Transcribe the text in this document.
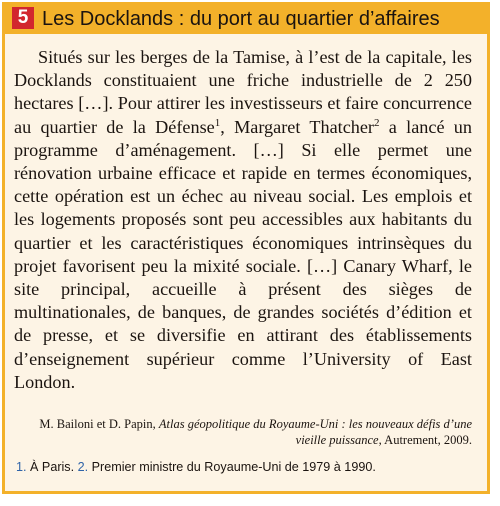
5 Les Docklands : du port au quartier d’affaires

Situés sur les berges de la Tamise, à l’est de la capitale, les Docklands constituaient une friche industrielle de 2 250 hectares […]. Pour attirer les investisseurs et faire concurrence au quartier de la Défense$^1$, Margaret Thatcher$^2$ a lancé un programme d’aménagement. […] Si elle permet une rénovation urbaine efficace et rapide en termes économiques, cette opération est un échec au niveau social. Les emplois et les logements proposés sont peu accessibles aux habitants du quartier et les caractéristiques économiques intrinsèques du projet favorisent peu la mixité sociale. […] Canary Wharf, le site principal, accueille à présent des sièges de multinationales, de banques, de grandes sociétés d’édition et de presse, et se diversifie en attirant des établissements d’enseignement supérieur comme l’University of East London.

M. Bailoni et D. Papin, Atlas géopolitique du Royaume-Uni : les nouveaux défis d’une vieille puissance, Autrement, 2009.
1. À Paris. 2. Premier ministre du Royaume-Uni de 1979 à 1990.
